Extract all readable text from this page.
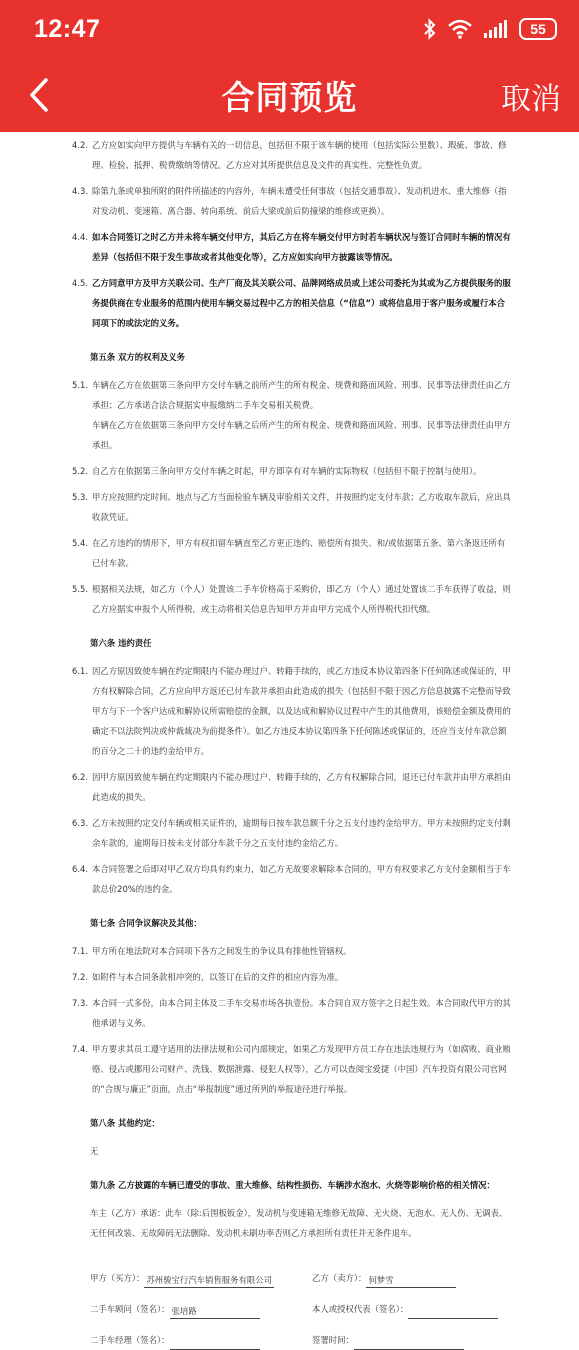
12:47	55
合同预览	取消
4.2. 乙方应如实向甲方提供与车辆有关的一切信息，包括但不限于该车辆的使用（包括实际公里数）、瑕疵、事故、修理、检验、抵押、税费缴纳等情况。乙方应对其所提供信息及文件的真实性、完整性负责。
4.3. 除第九条或单独所附的附件所描述的内容外，车辆未遭受任何事故（包括交通事故）、发动机进水、重大维修（指对发动机、变速箱、离合器、转向系统、前后大梁或前后防撞梁的维修或更换）。
4.4. 如本合同签订之时乙方并未将车辆交付甲方，其后乙方在将车辆交付甲方时若车辆状况与签订合同时车辆的情况有差异（包括但不限于发生事故或者其他变化等），乙方应如实向甲方披露该等情况。
4.5. 乙方同意甲方及甲方关联公司、生产厂商及其关联公司、品牌网络成员或上述公司委托为其或为乙方提供服务的服务提供商在专业服务的范围内使用车辆交易过程中乙方的相关信息（“信息”）或将信息用于客户服务或履行本合同项下的或法定的义务。
第五条 双方的权利及义务
5.1. 车辆在乙方在依据第三条向甲方交付车辆之前所产生的所有税金、规费和路面风险、刑事、民事等法律责任由乙方承担；乙方承诺合法合规据实申报缴纳二手车交易相关税费。
车辆在乙方在依据第三条向甲方交付车辆之后所产生的所有税金、规费和路面风险、刑事、民事等法律责任由甲方承担。
5.2. 自乙方在依据第三条向甲方交付车辆之时起，甲方即享有对车辆的实际物权（包括但不限于控制与使用）。
5.3. 甲方应按照约定时间、地点与乙方当面检验车辆及审验相关文件，并按照约定支付车款；乙方收取车款后，应出具收款凭证。
5.4. 在乙方违约的情形下，甲方有权扣留车辆直至乙方更正违约、赔偿所有损失、和/或依据第五条、第六条返还所有已付车款。
5.5. 根据相关法规，如乙方（个人）处置该二手车价格高于采购价，即乙方（个人）通过处置该二手车获得了收益，则乙方应据实申报个人所得税，或主动将相关信息告知甲方并由甲方完成个人所得税代扣代缴。
第六条 违约责任
6.1. 因乙方原因致使车辆在约定期限内不能办理过户、转籍手续的，或乙方违反本协议第四条下任何陈述或保证的，甲方有权解除合同，乙方应向甲方返还已付车款并承担由此造成的损失（包括但不限于因乙方信息披露不完整而导致甲方与下一个客户达成和解协议所需赔偿的金额，以及达成和解协议过程中产生的其他费用，该赔偿金额及费用的确定不以法院判决或仲裁裁决为前提条件）。如乙方违反本协议第四条下任何陈述或保证的，还应当支付车款总额的百分之二十的违约金给甲方。
6.2. 因甲方原因致使车辆在约定期限内不能办理过户、转籍手续的，乙方有权解除合同，退还已付车款并由甲方承担由此造成的损失。
6.3. 乙方未按照约定交付车辆或相关证件的，逾期每日按车款总额千分之五支付违约金给甲方。甲方未按照约定支付剩余车款的，逾期每日按未支付部分车款千分之五支付违约金给乙方。
6.4. 本合同签署之后即对甲乙双方均具有约束力，如乙方无故要求解除本合同的，甲方有权要求乙方支付金额相当于车款总价20%的违约金。
第七条 合同争议解决及其他：
7.1. 甲方所在地法院对本合同项下各方之间发生的争议具有排他性管辖权。
7.2. 如附件与本合同条款相冲突的，以签订在后的文件的相应内容为准。
7.3. 本合同一式多份，由本合同主体及二手车交易市场各执壹份。本合同自双方签字之日起生效。本合同取代甲方的其他承诺与义务。
7.4. 甲方要求其员工遵守适用的法律法规和公司内部规定，如果乙方发现甲方员工存在违法违规行为（如腐败、商业贿赂、侵占或挪用公司财产、洗钱、数据泄露、侵犯人权等），乙方可以查阅宝爱捷（中国）汽车投资有限公司官网的“合规与廉正”页面，点击“举报制度”通过所列的举报途径进行举报。
第八条 其他约定：
无
第九条 乙方披露的车辆已遭受的事故、重大维修、结构性损伤、车辆涉水泡水、火烧等影响价格的相关情况：
车主（乙方）承诺：此车（除:后围板钣金），发动机与变速箱无维修无故障、无火烧、无泡水、无人伤、无调表、无任何改装、无故障码无法删除、发动机未刷功率否则乙方承担所有责任并无条件退车。
甲方（买方）： 苏州骏宝行汽车销售服务有限公司	乙方（卖方）： 何梦雪
二手车顾问（签名）： 张培路	本人或授权代表（签名）：
二手车经理（签名）：	签署时间：
